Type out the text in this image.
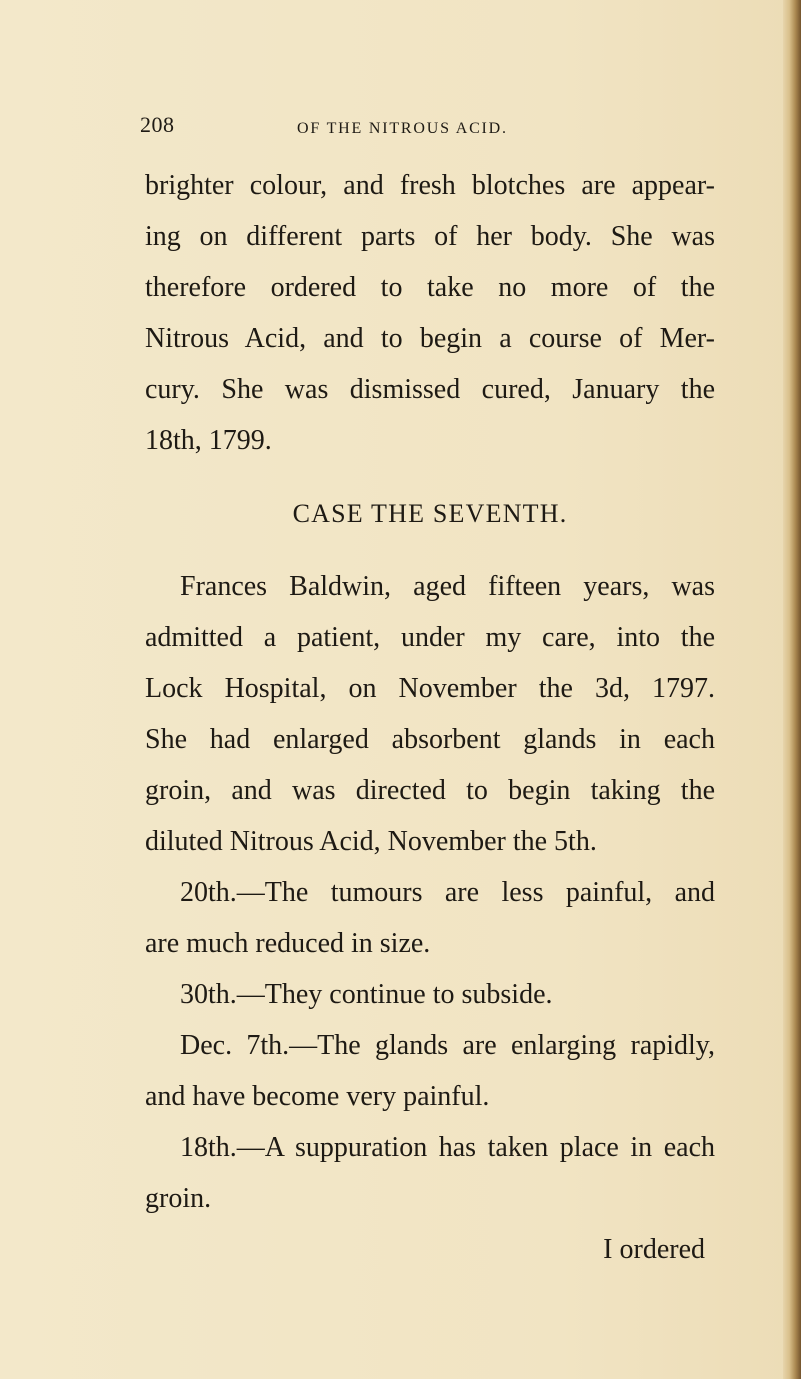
208	OF THE NITROUS ACID.
brighter colour, and fresh blotches are appear-
ing on different parts of her body. She was
therefore ordered to take no more of the
Nitrous Acid, and to begin a course of Mer-
cury. She was dismissed cured, January the
18th, 1799.
CASE THE SEVENTH.
Frances Baldwin, aged fifteen years, was
admitted a patient, under my care, into the
Lock Hospital, on November the 3d, 1797.
She had enlarged absorbent glands in each
groin, and was directed to begin taking the
diluted Nitrous Acid, November the 5th.
20th.—The tumours are less painful, and
are much reduced in size.
30th.—They continue to subside.
Dec. 7th.—The glands are enlarging rapidly,
and have become very painful.
18th.—A suppuration has taken place in each
groin.
I ordered
